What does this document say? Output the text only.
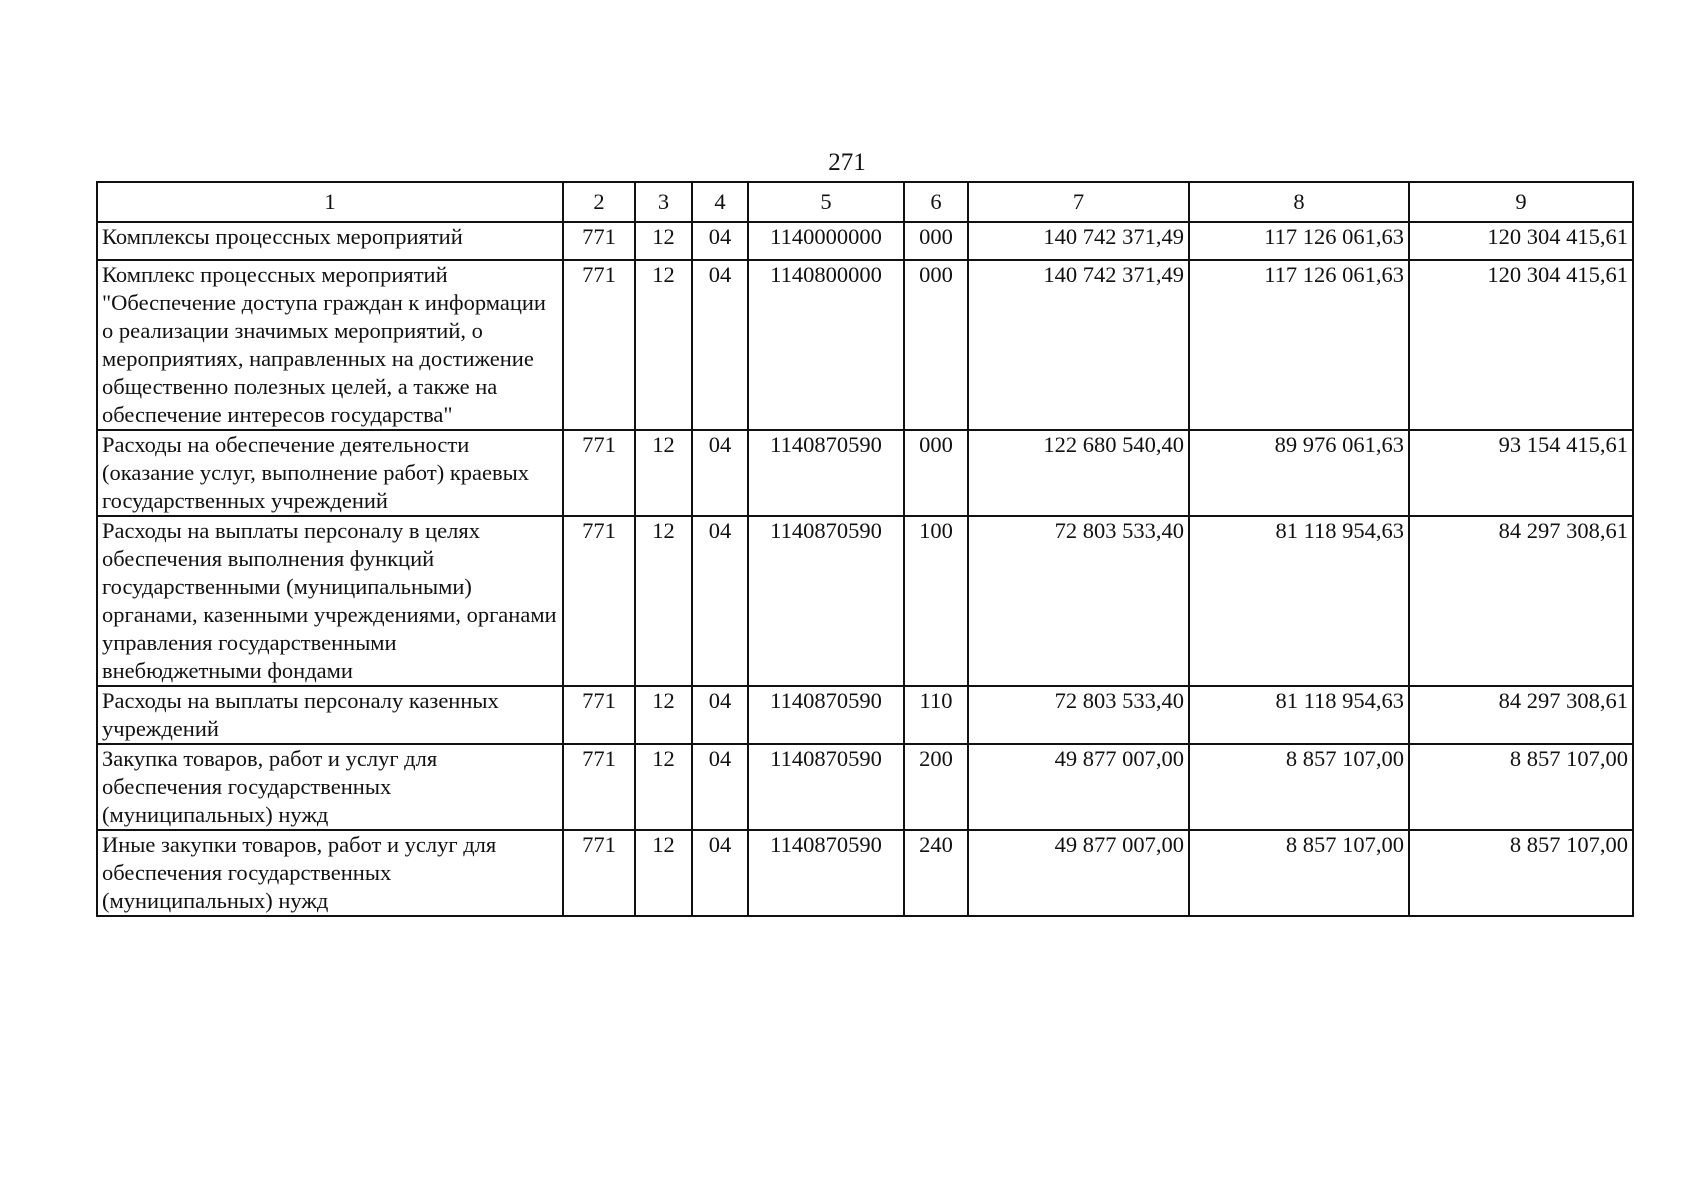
271
1	2	3	4	5	6	7	8	9
Комплексы процессных мероприятий	771	12	04	1140000000	000	140 742 371,49	117 126 061,63	120 304 415,61
Комплекс процессных мероприятий "Обеспечение доступа граждан к информации о реализации значимых мероприятий, о мероприятиях, направленных на достижение общественно полезных целей, а также на обеспечение интересов государства"	771	12	04	1140800000	000	140 742 371,49	117 126 061,63	120 304 415,61
Расходы на обеспечение деятельности (оказание услуг, выполнение работ) краевых государственных учреждений	771	12	04	1140870590	000	122 680 540,40	89 976 061,63	93 154 415,61
Расходы на выплаты персоналу в целях обеспечения выполнения функций государственными (муниципальными) органами, казенными учреждениями, органами управления государственными внебюджетными фондами	771	12	04	1140870590	100	72 803 533,40	81 118 954,63	84 297 308,61
Расходы на выплаты персоналу казенных учреждений	771	12	04	1140870590	110	72 803 533,40	81 118 954,63	84 297 308,61
Закупка товаров, работ и услуг для обеспечения государственных (муниципальных) нужд	771	12	04	1140870590	200	49 877 007,00	8 857 107,00	8 857 107,00
Иные закупки товаров, работ и услуг для обеспечения государственных (муниципальных) нужд	771	12	04	1140870590	240	49 877 007,00	8 857 107,00	8 857 107,00
